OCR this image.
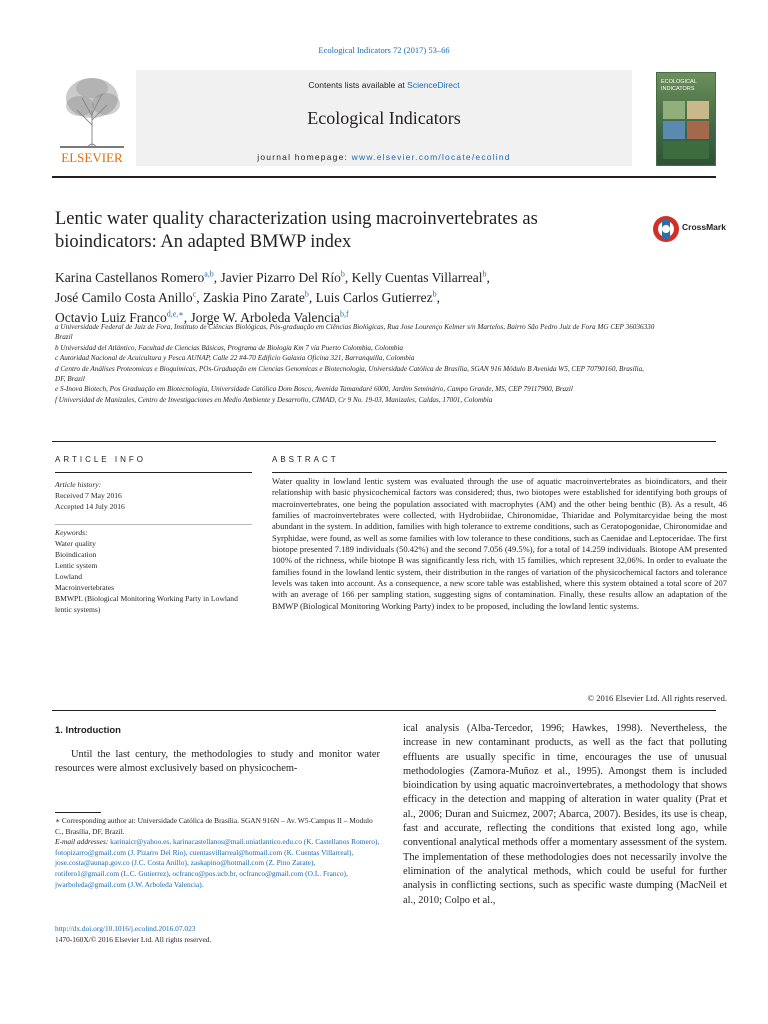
Ecological Indicators 72 (2017) 53–66
ELSEVIER
Contents lists available at ScienceDirect
Ecological Indicators
journal homepage: www.elsevier.com/locate/ecolind
ECOLOGICAL INDICATORS
Lentic water quality characterization using macroinvertebrates as bioindicators: An adapted BMWP index
CrossMark
Karina Castellanos Romero$^{a,b}$, Javier Pizarro Del Río$^b$, Kelly Cuentas Villarreal$^b$,
José Camilo Costa Anillo$^c$, Zaskia Pino Zarate$^b$, Luis Carlos Gutierrez$^b$,
Octavio Luiz Franco$^{d,e,∗}$, Jorge W. Arboleda Valencia$^{b,f}$

a Universidade Federal de Juiz de Fora, Instituto de Ciências Biológicas, Pós-graduação em Ciências Biológicas, Rua Jose Lourenço Kelmer s/n Martelos, Bairro São Pedro Juiz de Fora MG CEP 36036330 Brazil

b Universidad del Atlántico, Facultad de Ciencias Básicas, Programa de Biología Km 7 vía Puerto Colombia, Colombia

c Autoridad Nacional de Acuicultura y Pesca AUNAP, Calle 22 #4-70 Edificio Galaxia Oficina 321, Barranquilla, Colombia

d Centro de Análises Proteomicas e Bioquimicas, POs-Graduação em Ciencias Genomicas e Biotecnologia, Universidade Católica de Brasília, SGAN 916 Módulo B Avenida W5, CEP 70790160, Brasília, DF, Brazil

e S-Inova Biotech, Pos Graduação em Biotecnologia, Universidade Católica Dom Bosco, Avenida Tamandaré 6000, Jardim Seminário, Campo Grande, MS, CEP 79117900, Brazil

f Universidad de Manizales, Centro de Investigaciones en Medio Ambiente y Desarrollo, CIMAD, Cr 9 No. 19-03, Manizales, Caldas, 17001, Colombia

ARTICLE INFO	ABSTRACT
Article history:
Received 7 May 2016
Accepted 14 July 2016
Keywords:
Water quality
Bioindication
Lentic system
Lowland
Macroinvertebrates
BMWPL (Biological Monitoring Working Party in Lowland lentic systems)
Water quality in lowland lentic system was evaluated through the use of aquatic macroinvertebrates as bioindicators, and their relationship with basic physicochemical factors was considered; thus, two biotopes were established for identifying both groups of macroinvertebrates, one being the population associated with macrophytes (AM) and the other being benthic (B). As a result, 46 families of macroinvertebrates were collected, with Hydrobiidae, Chironomidae, Thiaridae and Polymitarcyidae being the most abundant in the system. In addition, families with high tolerance to extreme conditions, such as Ceratopogonidae, Chironomidae and Syrphidae, were found, as well as some families with low tolerance to these conditions, such as Caenidae and Leptoceridae. The first biotope presented 7.189 individuals (50.42%) and the second 7.056 (49.5%), for a total of 14.259 individuals. Biotope AM presented 100% of the richness, while biotope B was significantly less rich, with 15 families, which represent 32,06%. In order to evaluate the families found in the lowland lentic system, their distribution in the ranges of variation of the physicochemical factors and tolerance levels was taken into account. As a consequence, a new score table was established, where this system obtained a total score of 207 with an average of 166 per sampling station, suggesting signs of contamination. Finally, these results allow an adaptation of the BMWP (Biological Monitoring Working Party) index to be proposed, including the lowland lentic systems.
© 2016 Elsevier Ltd. All rights reserved.
1. Introduction

Until the last century, the methodologies to study and monitor water resources were almost exclusively based on physicochem-

∗ Corresponding author at: Universidade Católica de Brasília. SGAN 916N – Av. W5-Campus II – Modulo C., Brasília, DF, Brazil.

E-mail addresses: karinaicr@yahoo.es, karinacastellanos@mail.uniatlantico.edu.co (K. Castellanos Romero), fotopizarro@gmail.com (J. Pizarro Del Río), cuentasvillarreal@hotmail.com (K. Cuentas Villarreal), jose.costa@aunap.gov.co (J.C. Costa Anillo), zaskapino@hotmail.com (Z. Pino Zarate), rotifero1@gmail.com (L.C. Gutierrez), ocfranco@pos.ucb.br, ocfranco@gmail.com (O.L. Franco), jwarboleda@gmail.com (J.W. Arboleda Valencia).

http://dx.doi.org/10.1016/j.ecolind.2016.07.023
1470-160X/© 2016 Elsevier Ltd. All rights reserved.

ical analysis (Alba-Tercedor, 1996; Hawkes, 1998). Nevertheless, the increase in new contaminant products, as well as the fact that polluting effluents are usually specific in time, encourages the use of unusual methodologies (Zamora-Muñoz et al., 1995). Amongst them is included bioindication by using aquatic macroinvertebrates, a methodology that shows efficacy in the detection and mapping of alteration in water quality (Prat et al., 2006; Duran and Suicmez, 2007; Abarca, 2007). Besides, its use is cheap, fast and accurate, reflecting the conditions that existed long ago, while conventional analytical methods offer a momentary assessment of the system. The implementation of these methodologies does not necessarily involve the elimination of the analytical methods, which could be useful for further analysis in conflicting sections, such as specific waste dumping (MacNeil et al., 2010; Colpo et al.,
